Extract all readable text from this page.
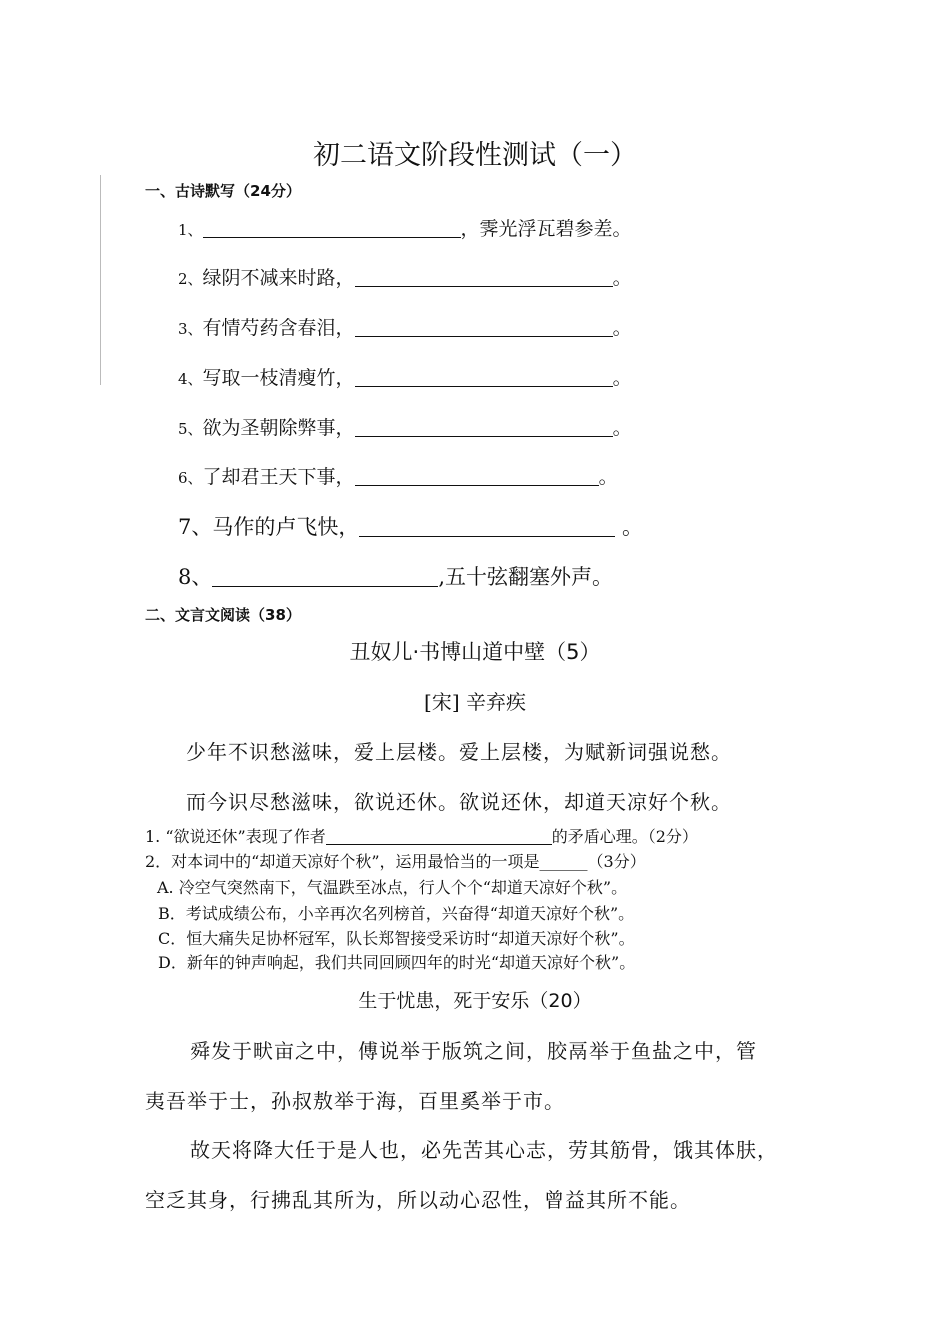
初二语文阶段性测试（一）
一、古诗默写（24分）
1、	，霁光浮瓦碧参差。
2、绿阴不减来时路，	。
3、有情芍药含春泪，	。
4、写取一枝清瘦竹，	。
5、欲为圣朝除弊事，	。
6、了却君王天下事，	。
7、马作的卢飞快，	。
8、	,五十弦翻塞外声。
二、文言文阅读（38）
丑奴儿·书博山道中壁（5）
[宋] 辛弃疾
少年不识愁滋味，爱上层楼。爱上层楼，为赋新词强说愁。
而今识尽愁滋味，欲说还休。欲说还休，却道天凉好个秋。
1. “欲说还休”表现了作者	的矛盾心理。（2分）
2．对本词中的“却道天凉好个秋”，运用最恰当的一项是______（3分）
A. 冷空气突然南下，气温跌至冰点，行人个个“却道天凉好个秋”。
B．考试成绩公布，小辛再次名列榜首，兴奋得“却道天凉好个秋”。
C．恒大痛失足协杯冠军，队长郑智接受采访时“却道天凉好个秋”。
D．新年的钟声响起，我们共同回顾四年的时光“却道天凉好个秋”。
生于忧患，死于安乐（20）
舜发于畎亩之中，傅说举于版筑之间，胶鬲举于鱼盐之中，管
夷吾举于士，孙叔敖举于海，百里奚举于市。
故天将降大任于是人也，必先苦其心志，劳其筋骨，饿其体肤，
空乏其身，行拂乱其所为，所以动心忍性，曾益其所不能。
